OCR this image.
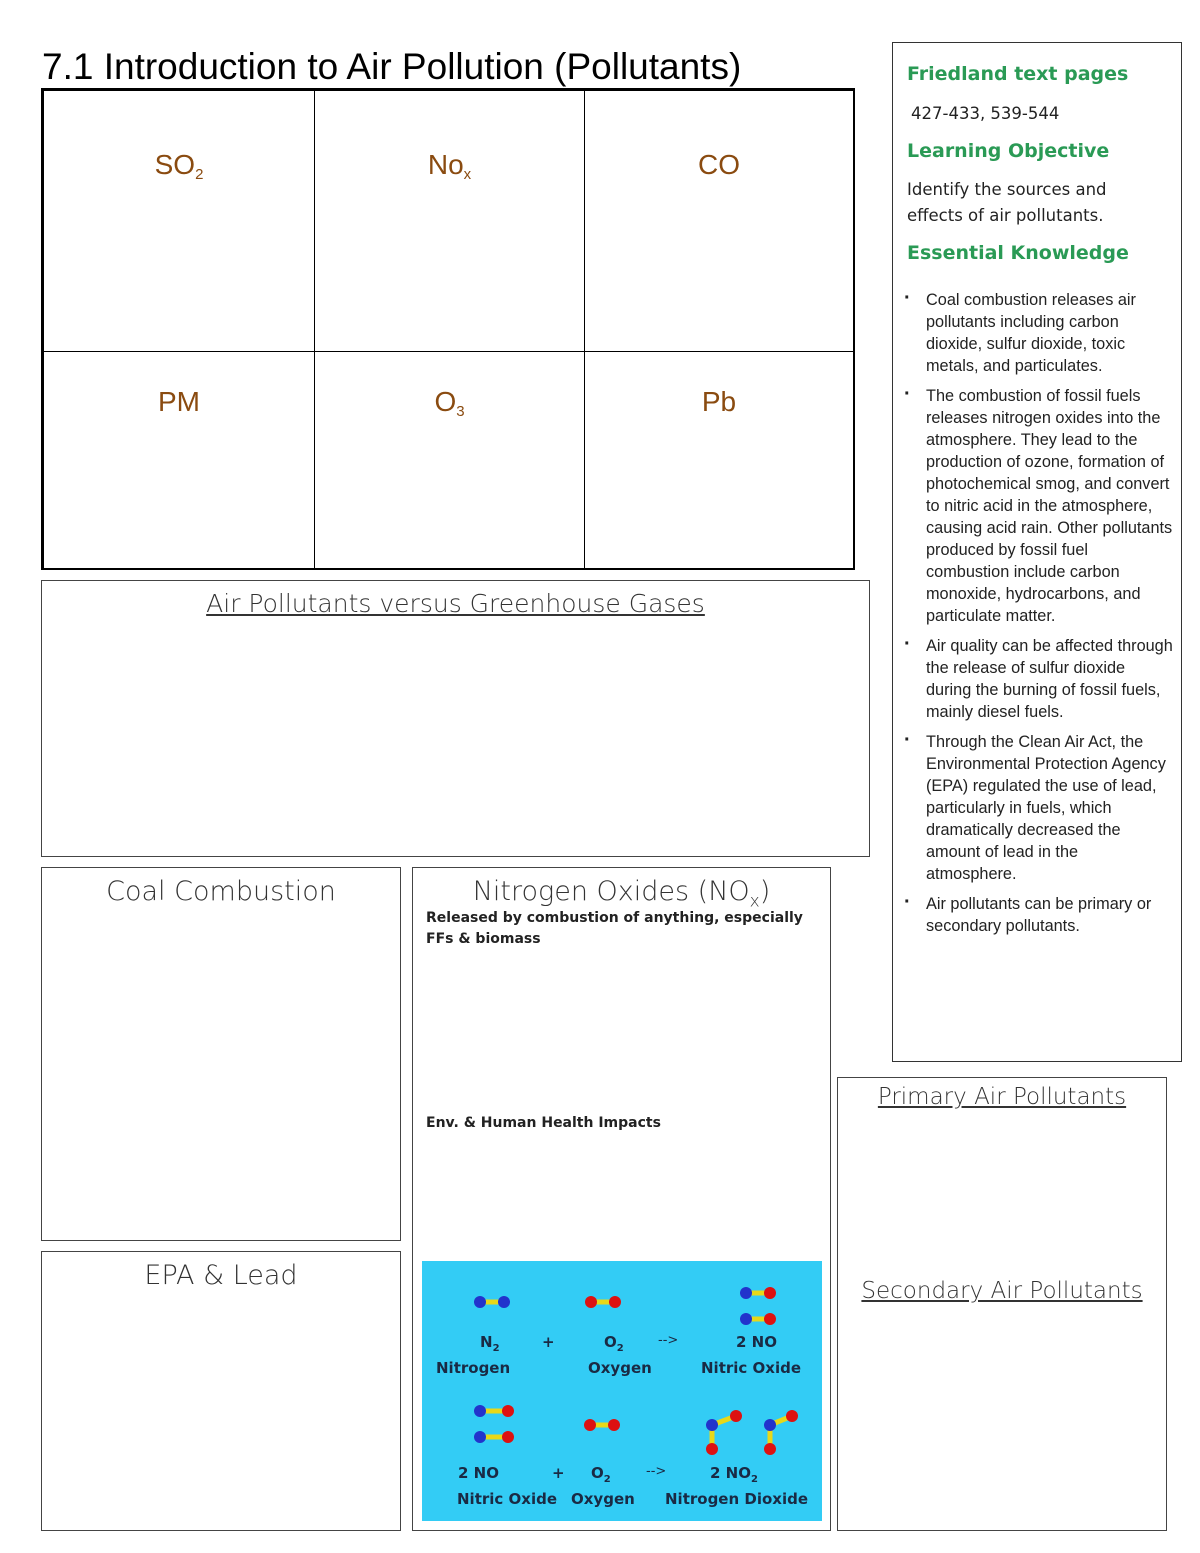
7.1 Introduction to Air Pollution (Pollutants)
$SO_2$	$No_x$	CO
PM	$O_3$	Pb
Air Pollutants versus Greenhouse Gases
Coal Combustion
EPA & Lead
Nitrogen Oxides $(NO_x)$
Released by combustion of anything, especially FFs & biomass
Env. & Human Health Impacts
$N_2$	+	$O_2$
-->	2 NO
Nitrogen	Oxygen	Nitric Oxide
2 NO	+ $O_2$
-->	2 $NO_2$
Nitric Oxide Oxygen Nitrogen Dioxide
Primary Air Pollutants
Secondary Air Pollutants
Friedland text pages
427-433, 539-544
Learning Objective
Identify the sources and effects of air pollutants.
Essential Knowledge
· Coal combustion releases air pollutants including carbon dioxide, sulfur dioxide, toxic metals, and particulates.
· The combustion of fossil fuels releases nitrogen oxides into the atmosphere. They lead to the production of ozone, formation of photochemical smog, and convert to nitric acid in the atmosphere, causing acid rain. Other pollutants produced by fossil fuel combustion include carbon monoxide, hydrocarbons, and particulate matter.
· Air quality can be affected through the release of sulfur dioxide during the burning of fossil fuels, mainly diesel fuels.
· Through the Clean Air Act, the Environmental Protection Agency (EPA) regulated the use of lead, particularly in fuels, which dramatically decreased the amount of lead in the atmosphere.
· Air pollutants can be primary or secondary pollutants.
